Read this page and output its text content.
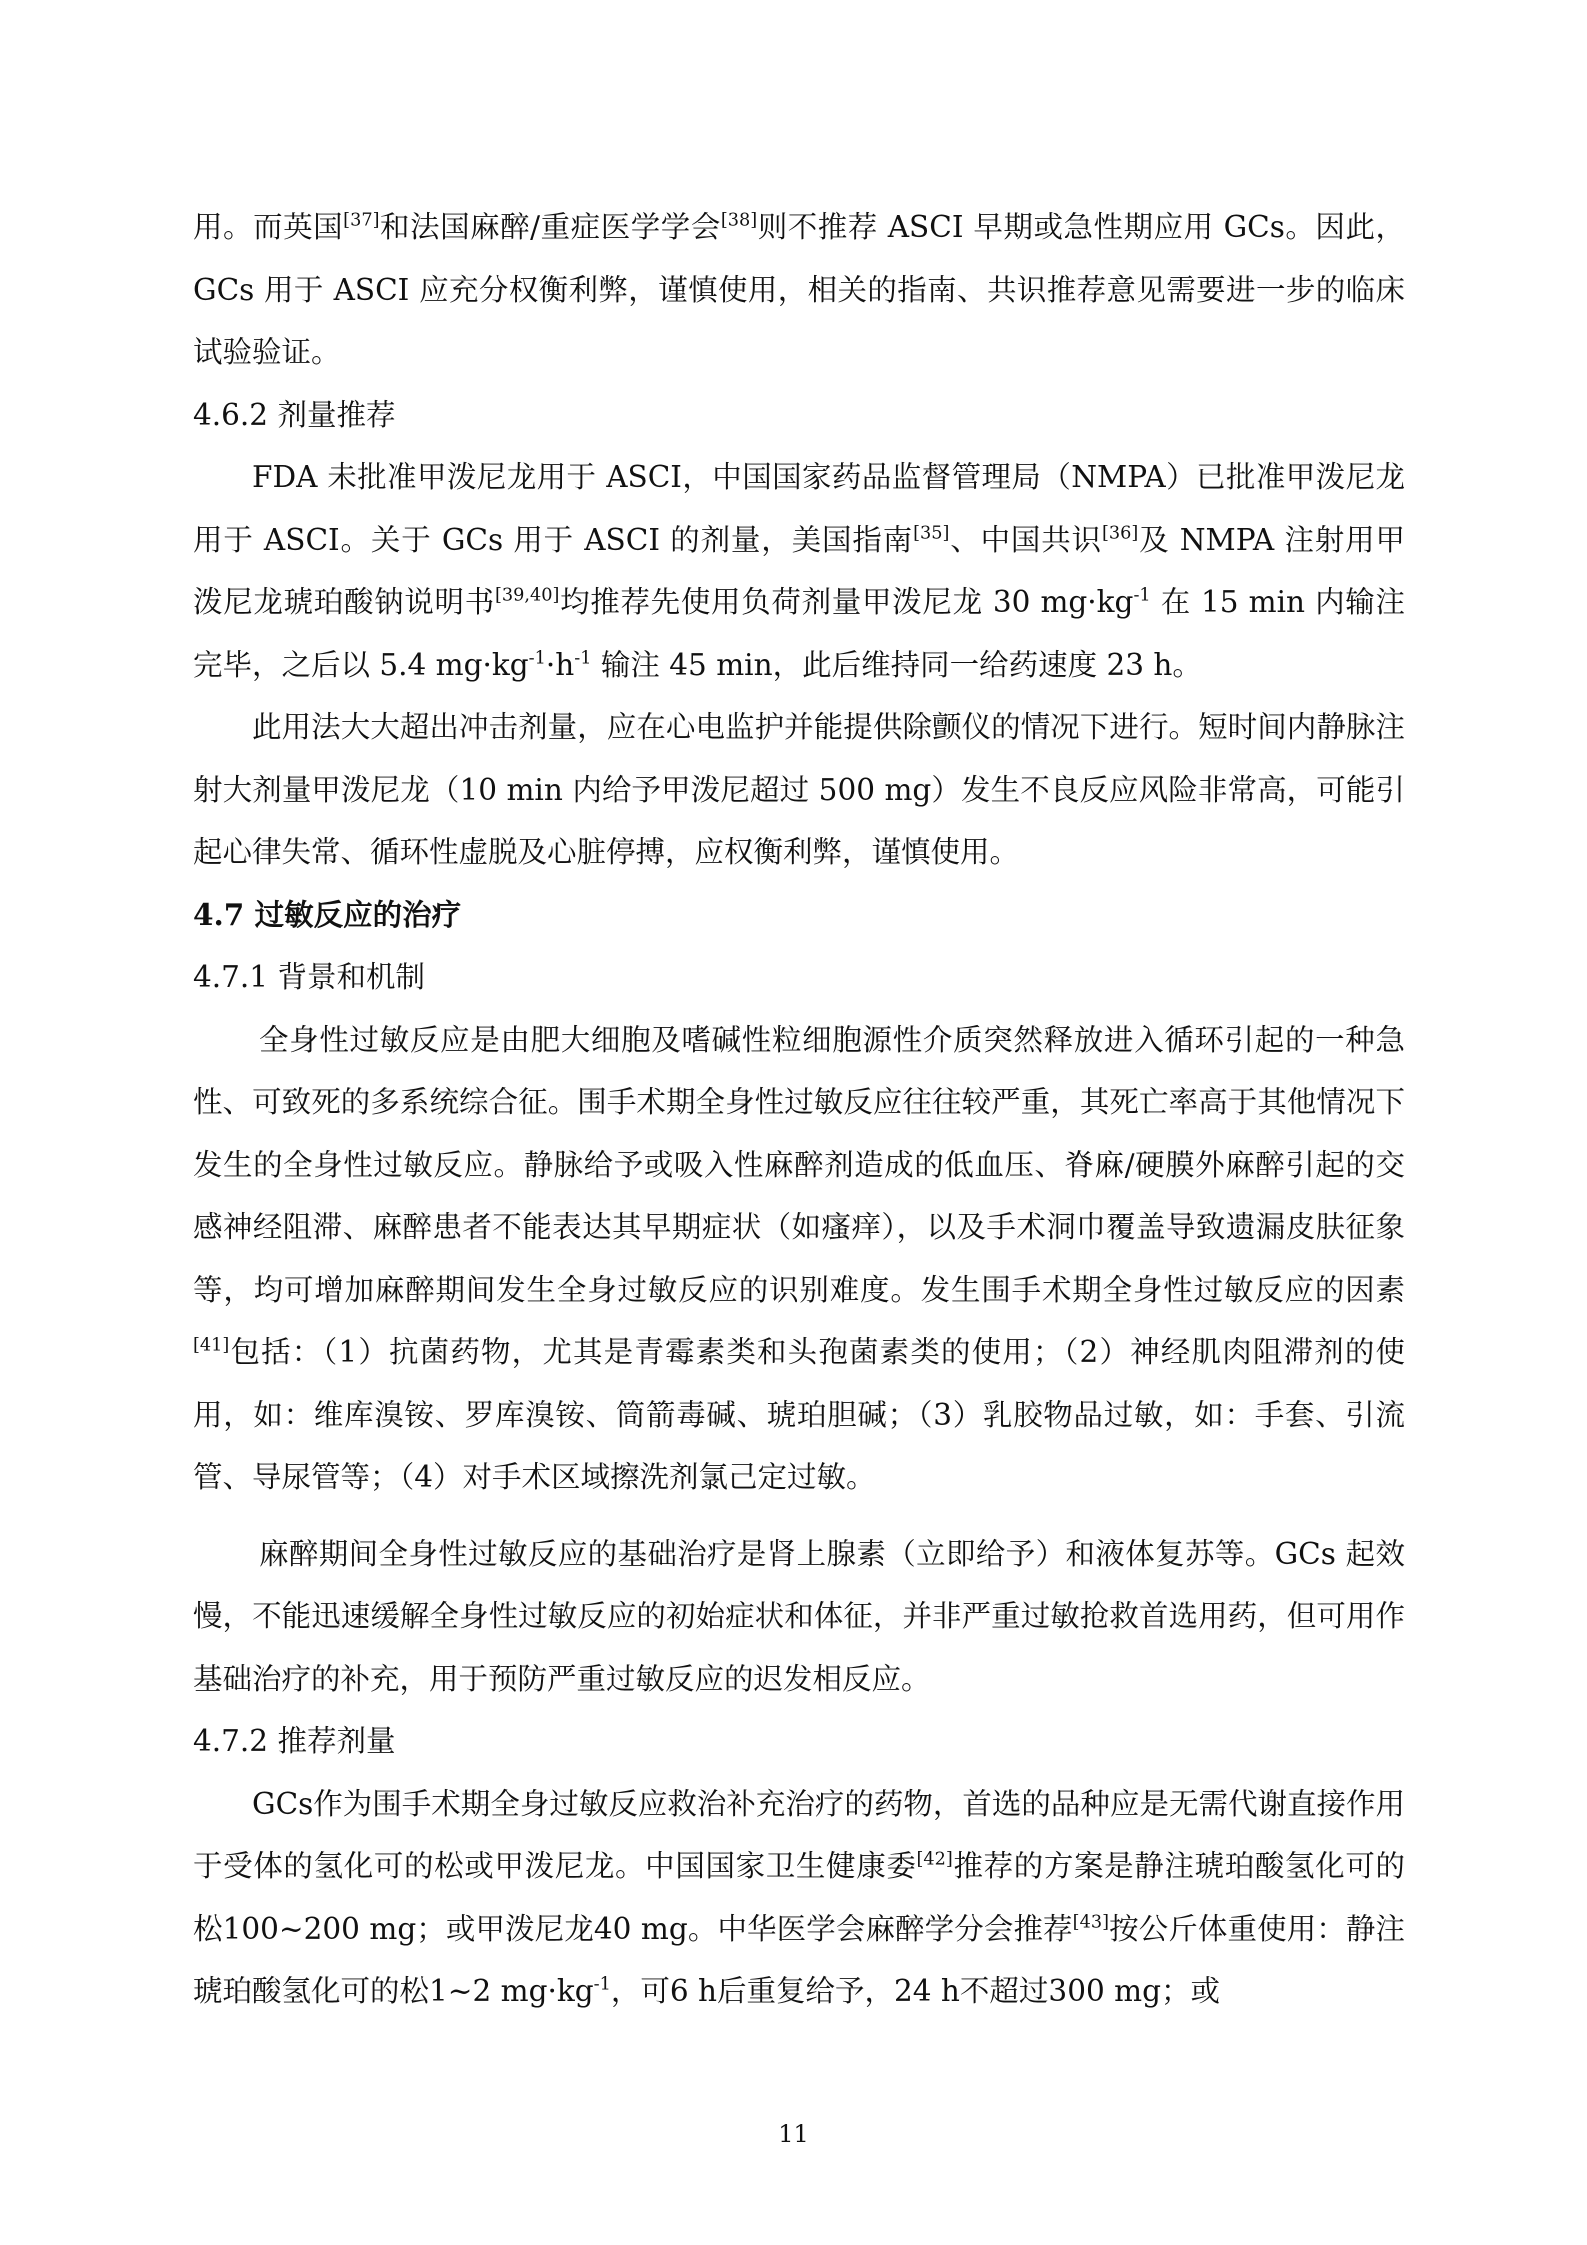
用。而英国[37]和法国麻醉/重症医学学会[38]则不推荐 ASCI 早期或急性期应用 GCs。因此，GCs 用于 ASCI 应充分权衡利弊，谨慎使用，相关的指南、共识推荐意见需要进一步的临床试验验证。

4.6.2 剂量推荐

FDA 未批准甲泼尼龙用于 ASCI，中国国家药品监督管理局（NMPA）已批准甲泼尼龙用于 ASCI。关于 GCs 用于 ASCI 的剂量，美国指南[35]、中国共识[36]及 NMPA 注射用甲泼尼龙琥珀酸钠说明书[39,40]均推荐先使用负荷剂量甲泼尼龙 30 $mg\cdot kg^{-1}$ 在 15 min 内输注完毕，之后以 5.4 $mg\cdot kg^{-1}\cdot h^{-1}$ 输注 45 min，此后维持同一给药速度 23 h。

此用法大大超出冲击剂量，应在心电监护并能提供除颤仪的情况下进行。短时间内静脉注射大剂量甲泼尼龙（10 min 内给予甲泼尼超过 500 mg）发生不良反应风险非常高，可能引起心律失常、循环性虚脱及心脏停搏，应权衡利弊，谨慎使用。

4.7 过敏反应的治疗
4.7.1 背景和机制

全身性过敏反应是由肥大细胞及嗜碱性粒细胞源性介质突然释放进入循环引起的一种急性、可致死的多系统综合征。围手术期全身性过敏反应往往较严重，其死亡率高于其他情况下发生的全身性过敏反应。静脉给予或吸入性麻醉剂造成的低血压、脊麻/硬膜外麻醉引起的交感神经阻滞、麻醉患者不能表达其早期症状（如瘙痒），以及手术洞巾覆盖导致遗漏皮肤征象等，均可增加麻醉期间发生全身过敏反应的识别难度。发生围手术期全身性过敏反应的因素[41]包括：（1）抗菌药物，尤其是青霉素类和头孢菌素类的使用；（2）神经肌肉阻滞剂的使用，如：维库溴铵、罗库溴铵、筒箭毒碱、琥珀胆碱；（3）乳胶物品过敏，如：手套、引流管、导尿管等；（4）对手术区域擦洗剂氯己定过敏。

麻醉期间全身性过敏反应的基础治疗是肾上腺素（立即给予）和液体复苏等。GCs 起效慢，不能迅速缓解全身性过敏反应的初始症状和体征，并非严重过敏抢救首选用药，但可用作基础治疗的补充，用于预防严重过敏反应的迟发相反应。

4.7.2 推荐剂量

GCs作为围手术期全身过敏反应救治补充治疗的药物，首选的品种应是无需代谢直接作用于受体的氢化可的松或甲泼尼龙。中国国家卫生健康委[42]推荐的方案是静注琥珀酸氢化可的松100~200 mg；或甲泼尼龙40 mg。中华医学会麻醉学分会推荐[43]按公斤体重使用：静注琥珀酸氢化可的松1~2 $mg\cdot kg^{-1}$，可6 h后重复给予，24 h不超过300 mg；或

11
